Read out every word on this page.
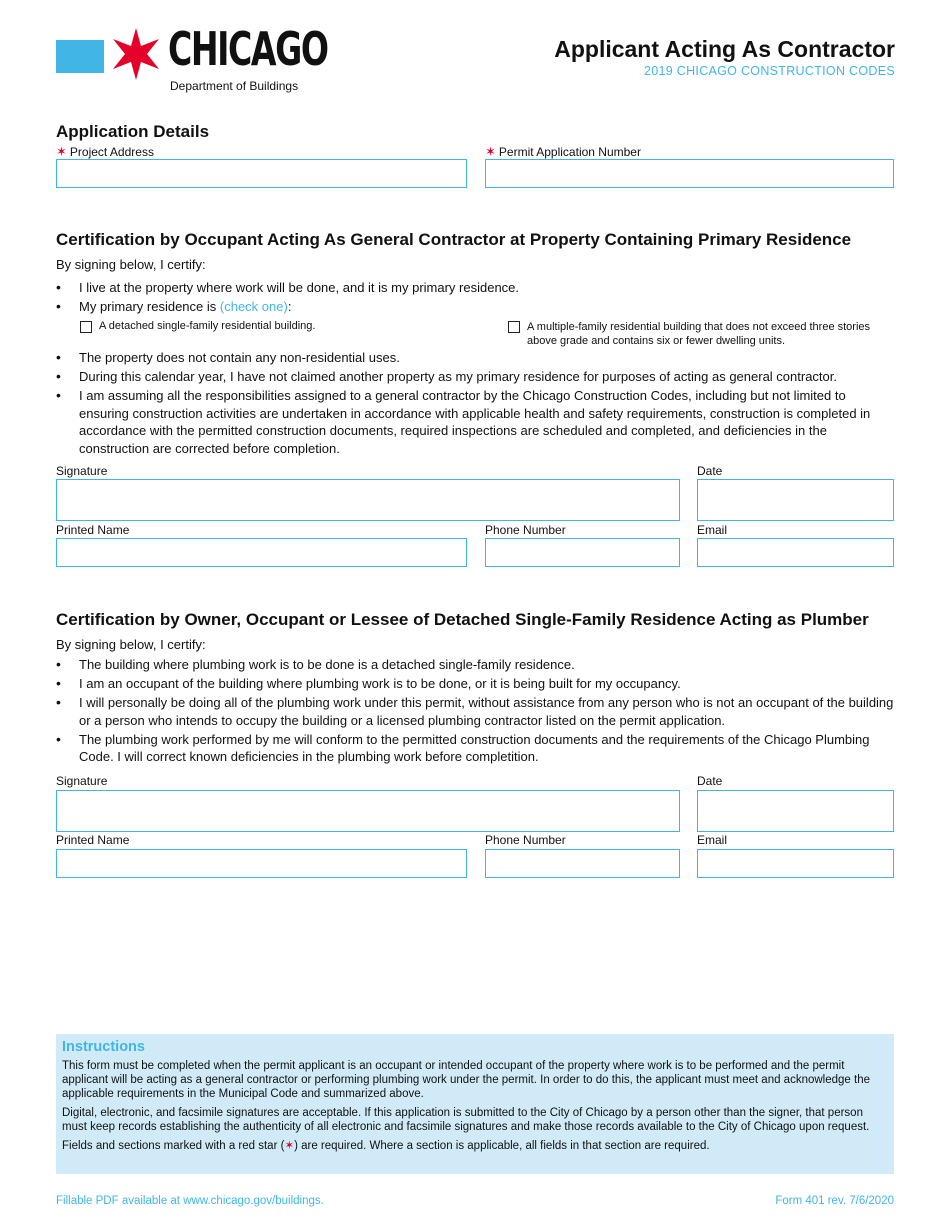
CHICAGO
Department of Buildings
Applicant Acting As Contractor
2019 CHICAGO CONSTRUCTION CODES
Application Details
✶ Project Address	✶ Permit Application Number
Certification by Occupant Acting As General Contractor at Property Containing Primary Residence
By signing below, I certify:
• I live at the property where work will be done, and it is my primary residence.
• My primary residence is (check one):
A detached single-family residential building.	A multiple-family residential building that does not exceed three stories above grade and contains six or fewer dwelling units.
• The property does not contain any non-residential uses.
• During this calendar year, I have not claimed another property as my primary residence for purposes of acting as general contractor.
• I am assuming all the responsibilities assigned to a general contractor by the Chicago Construction Codes, including but not limited to ensuring construction activities are undertaken in accordance with applicable health and safety requirements, construction is completed in accordance with the permitted construction documents, required inspections are scheduled and completed, and deficiencies in the construction are corrected before completion.
Signature	Date
Printed Name	Phone Number	Email
Certification by Owner, Occupant or Lessee of Detached Single-Family Residence Acting as Plumber
By signing below, I certify:
• The building where plumbing work is to be done is a detached single-family residence.
• I am an occupant of the building where plumbing work is to be done, or it is being built for my occupancy.
• I will personally be doing all of the plumbing work under this permit, without assistance from any person who is not an occupant of the building or a person who intends to occupy the building or a licensed plumbing contractor listed on the permit application.
• The plumbing work performed by me will conform to the permitted construction documents and the requirements of the Chicago Plumbing Code. I will correct known deficiencies in the plumbing work before completition.
Signature	Date
Printed Name	Phone Number	Email
Instructions

This form must be completed when the permit applicant is an occupant or intended occupant of the property where work is to be performed and the permit applicant will be acting as a general contractor or performing plumbing work under the permit. In order to do this, the applicant must meet and acknowledge the applicable requirements in the Municipal Code and summarized above.

Digital, electronic, and facsimile signatures are acceptable. If this application is submitted to the City of Chicago by a person other than the signer, that person must keep records establishing the authenticity of all electronic and facsimile signatures and make those records available to the City of Chicago upon request.

Fields and sections marked with a red star (✶) are required. Where a section is applicable, all fields in that section are required.

Fillable PDF available at www.chicago.gov/buildings.	Form 401 rev. 7/6/2020
